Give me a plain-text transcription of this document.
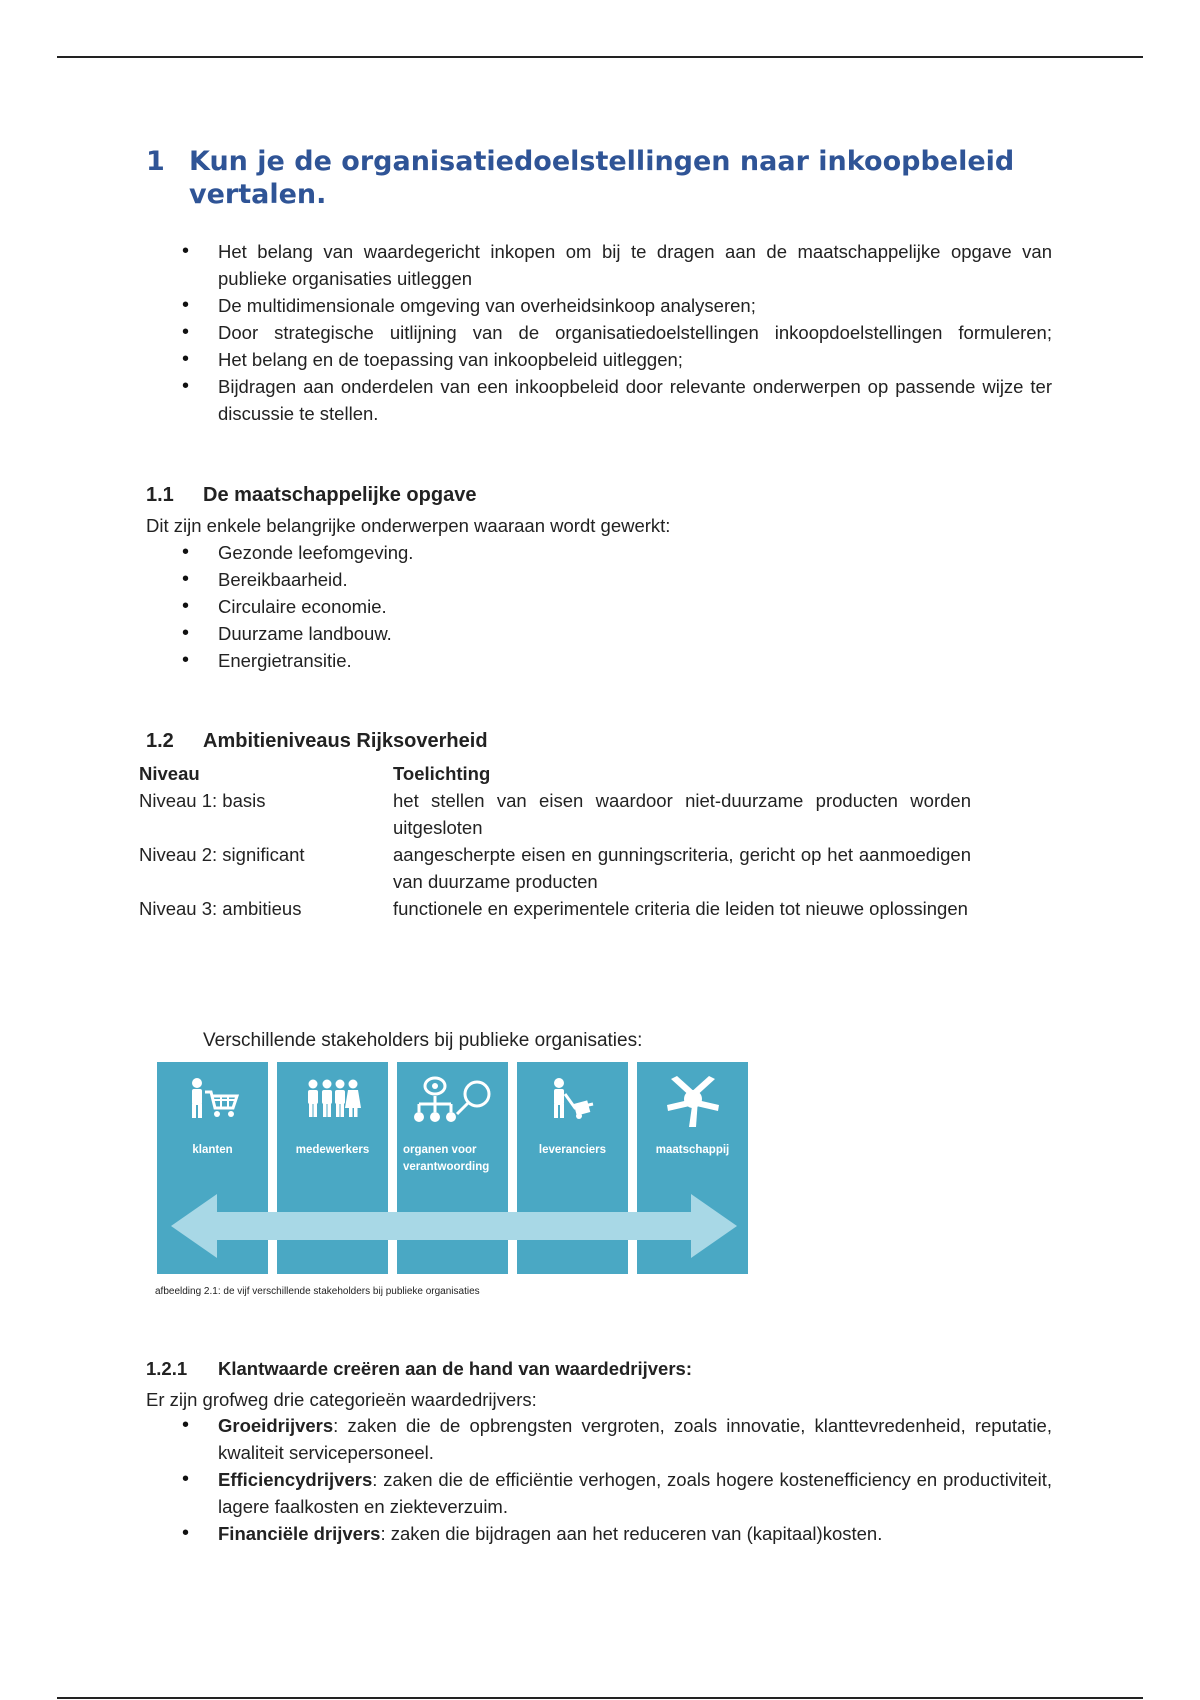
1 Kun je de organisatiedoelstellingen naar inkoopbeleid vertalen.
• Het belang van waardegericht inkopen om bij te dragen aan de maatschappelijke opgave van publieke organisaties uitleggen
• De multidimensionale omgeving van overheidsinkoop analyseren;
• Door strategische uitlijning van de organisatiedoelstellingen inkoopdoelstellingen formuleren;
• Het belang en de toepassing van inkoopbeleid uitleggen;
• Bijdragen aan onderdelen van een inkoopbeleid door relevante onderwerpen op passende wijze ter discussie te stellen.
1.1	De maatschappelijke opgave
Dit zijn enkele belangrijke onderwerpen waaraan wordt gewerkt:
• Gezonde leefomgeving.
• Bereikbaarheid.
• Circulaire economie.
• Duurzame landbouw.
• Energietransitie.
1.2	Ambitieniveaus Rijksoverheid
Niveau	Toelichting
Niveau 1: basis	het stellen van eisen waardoor niet-duurzame producten worden uitgesloten
Niveau 2: significant	aangescherpte eisen en gunningscriteria, gericht op het aanmoedigen van duurzame producten
Niveau 3: ambitieus	functionele en experimentele criteria die leiden tot nieuwe oplossingen
Verschillende stakeholders bij publieke organisaties:
klanten	medewerkers	organen voor verantwoording
leveranciers	maatschappij
afbeelding 2.1: de vijf verschillende stakeholders bij publieke organisaties
1.2.1	Klantwaarde creëren aan de hand van waardedrijvers:
Er zijn grofweg drie categorieën waardedrijvers:
• Groeidrijvers: zaken die de opbrengsten vergroten, zoals innovatie, klanttevredenheid, reputatie, kwaliteit servicepersoneel.
• Efficiencydrijvers: zaken die de efficiëntie verhogen, zoals hogere kostenefficiency en productiviteit, lagere faalkosten en ziekteverzuim.
• Financiële drijvers: zaken die bijdragen aan het reduceren van (kapitaal)kosten.
